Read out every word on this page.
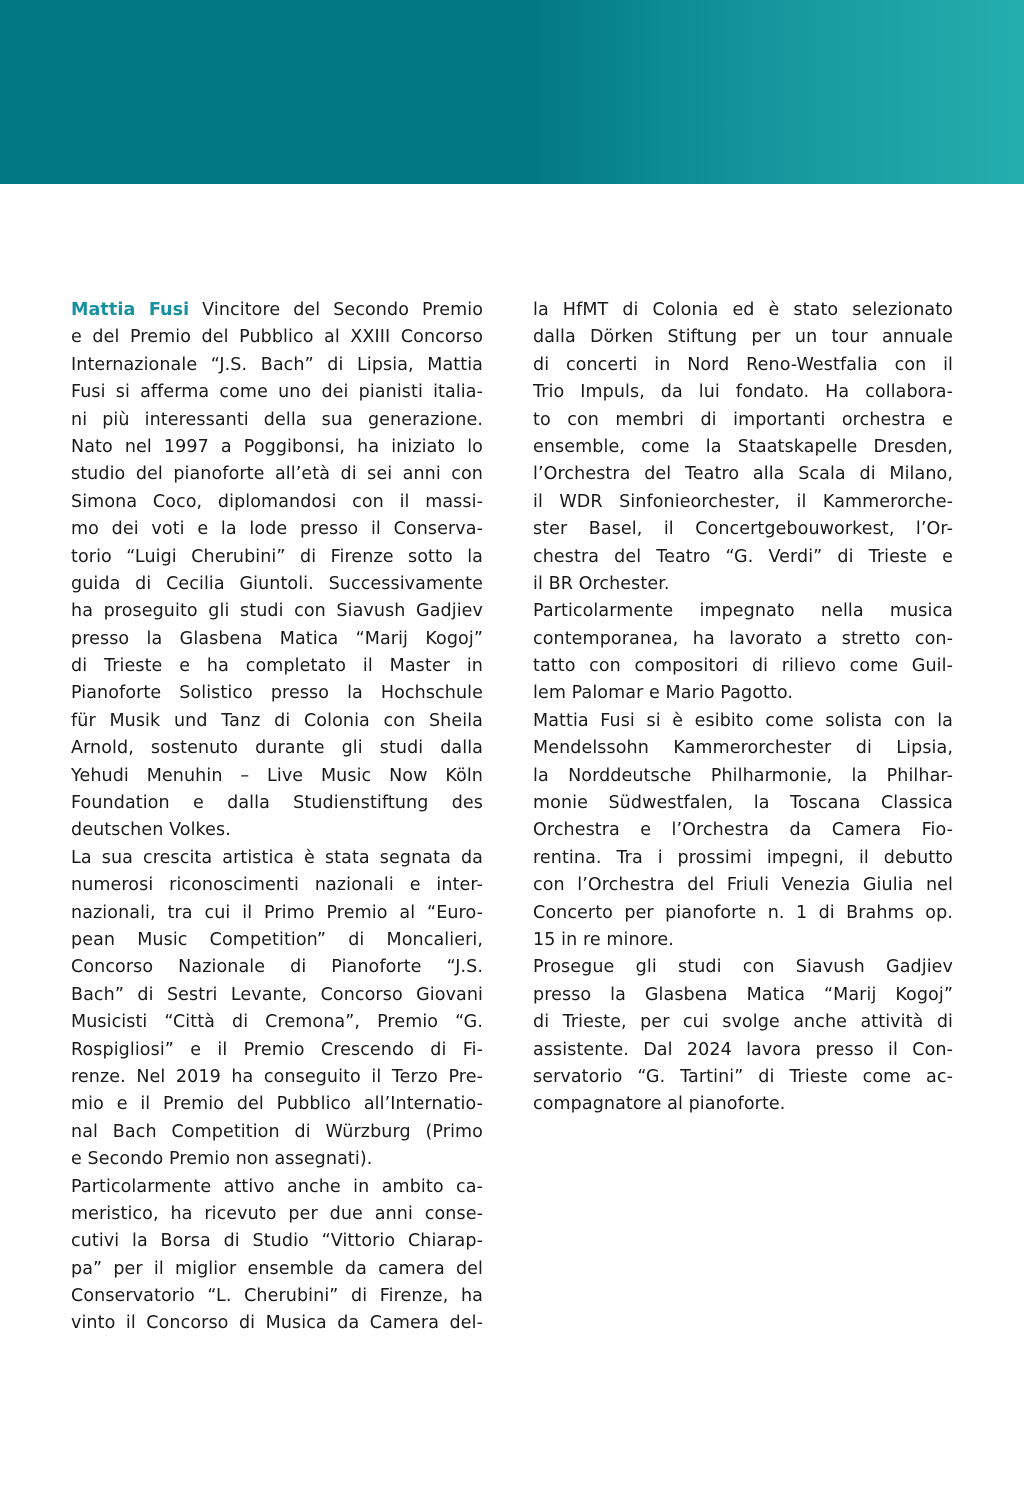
Mattia Fusi Vincitore del Secondo Premio
e del Premio del Pubblico al XXIII Concorso
Internazionale “J.S. Bach” di Lipsia, Mattia
Fusi si afferma come uno dei pianisti italia-
ni più interessanti della sua generazione.
Nato nel 1997 a Poggibonsi, ha iniziato lo
studio del pianoforte all’età di sei anni con
Simona Coco, diplomandosi con il massi-
mo dei voti e la lode presso il Conserva-
torio “Luigi Cherubini” di Firenze sotto la
guida di Cecilia Giuntoli. Successivamente
ha proseguito gli studi con Siavush Gadjiev
presso la Glasbena Matica “Marij Kogoj”
di Trieste e ha completato il Master in
Pianoforte Solistico presso la Hochschule
für Musik und Tanz di Colonia con Sheila
Arnold, sostenuto durante gli studi dalla
Yehudi Menuhin – Live Music Now Köln
Foundation e dalla Studienstiftung des
deutschen Volkes.
La sua crescita artistica è stata segnata da
numerosi riconoscimenti nazionali e inter-
nazionali, tra cui il Primo Premio al “Euro-
pean Music Competition” di Moncalieri,
Concorso Nazionale di Pianoforte “J.S.
Bach” di Sestri Levante, Concorso Giovani
Musicisti “Città di Cremona”, Premio “G.
Rospigliosi” e il Premio Crescendo di Fi-
renze. Nel 2019 ha conseguito il Terzo Pre-
mio e il Premio del Pubblico all’Internatio-
nal Bach Competition di Würzburg (Primo
e Secondo Premio non assegnati).
Particolarmente attivo anche in ambito ca-
meristico, ha ricevuto per due anni conse-
cutivi la Borsa di Studio “Vittorio Chiarap-
pa” per il miglior ensemble da camera del
Conservatorio “L. Cherubini” di Firenze, ha
vinto il Concorso di Musica da Camera del-
la HfMT di Colonia ed è stato selezionato
dalla Dörken Stiftung per un tour annuale
di concerti in Nord Reno-Westfalia con il
Trio Impuls, da lui fondato. Ha collabora-
to con membri di importanti orchestra e
ensemble, come la Staatskapelle Dresden,
l’Orchestra del Teatro alla Scala di Milano,
il WDR Sinfonieorchester, il Kammerorche-
ster Basel, il Concertgebouworkest, l’Or-
chestra del Teatro “G. Verdi” di Trieste e
il BR Orchester.
Particolarmente impegnato nella musica
contemporanea, ha lavorato a stretto con-
tatto con compositori di rilievo come Guil-
lem Palomar e Mario Pagotto.
Mattia Fusi si è esibito come solista con la
Mendelssohn Kammerorchester di Lipsia,
la Norddeutsche Philharmonie, la Philhar-
monie Südwestfalen, la Toscana Classica
Orchestra e l’Orchestra da Camera Fio-
rentina. Tra i prossimi impegni, il debutto
con l’Orchestra del Friuli Venezia Giulia nel
Concerto per pianoforte n. 1 di Brahms op.
15 in re minore.
Prosegue gli studi con Siavush Gadjiev
presso la Glasbena Matica “Marij Kogoj”
di Trieste, per cui svolge anche attività di
assistente. Dal 2024 lavora presso il Con-
servatorio “G. Tartini” di Trieste come ac-
compagnatore al pianoforte.
